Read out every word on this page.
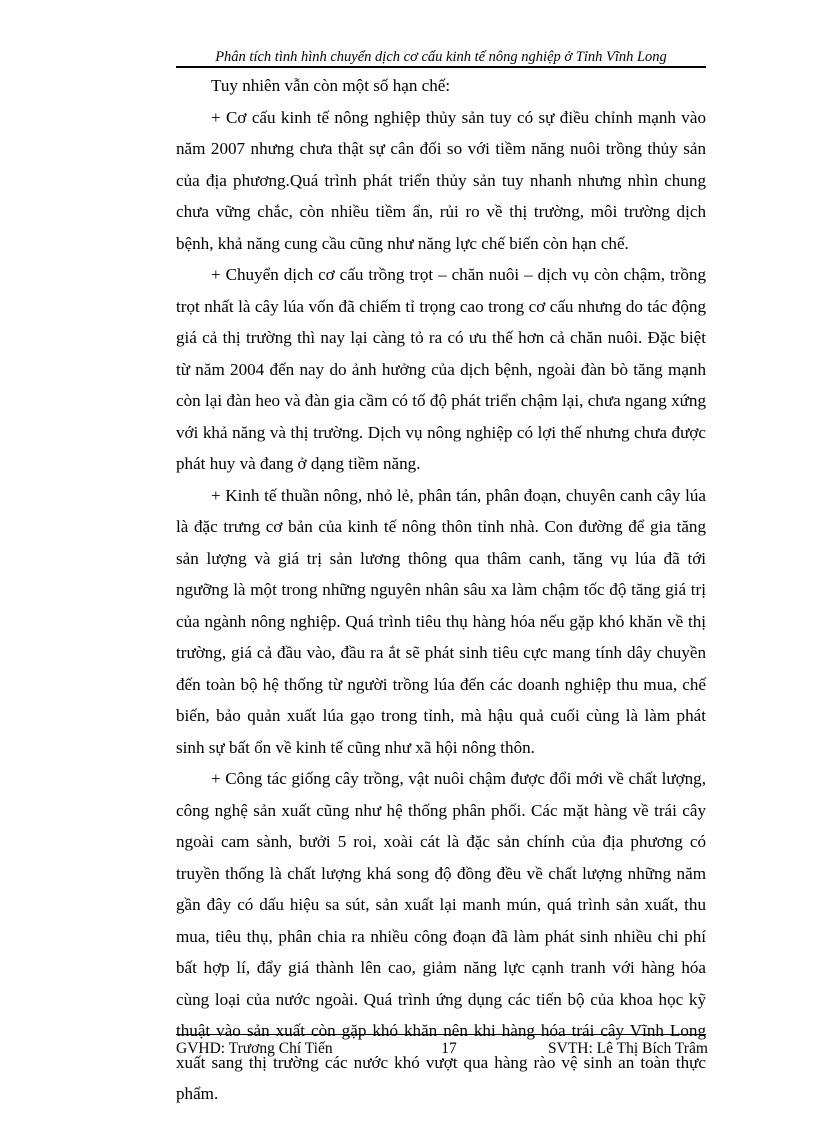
Phân tích tình hình chuyển dịch cơ cấu kinh tế nông nghiệp ở Tỉnh Vĩnh Long

Tuy nhiên vẫn còn một số hạn chế:

+ Cơ cấu kinh tế nông nghiệp thủy sản tuy có sự điều chỉnh mạnh vào năm 2007 nhưng chưa thật sự cân đối so với tiềm năng nuôi trồng thủy sản của địa phương.Quá trình phát triển thủy sản tuy nhanh nhưng nhìn chung chưa vững chắc, còn nhiều tiềm ẩn, rủi ro về thị trường, môi trường dịch bệnh, khả năng cung cầu cũng như năng lực chế biến còn hạn chế.

+ Chuyển dịch cơ cấu trồng trọt – chăn nuôi – dịch vụ còn chậm, trồng trọt nhất là cây lúa vốn đã chiếm tỉ trọng cao trong cơ cấu nhưng do tác động giá cả thị trường thì nay lại càng tỏ ra có ưu thế hơn cả chăn nuôi. Đặc biệt từ năm 2004 đến nay do ảnh hưởng của dịch bệnh, ngoài đàn bò tăng mạnh còn lại đàn heo và đàn gia cầm có tố độ phát triển chậm lại, chưa ngang xứng với khả năng và thị trường. Dịch vụ nông nghiệp có lợi thế nhưng chưa được phát huy và đang ở dạng tiềm năng.

+ Kinh tế thuần nông, nhỏ lẻ, phân tán, phân đoạn, chuyên canh cây lúa là đặc trưng cơ bản của kinh tế nông thôn tỉnh nhà. Con đường để gia tăng sản lượng và giá trị sản lương thông qua thâm canh, tăng vụ lúa đã tới ngưỡng là một trong những nguyên nhân sâu xa làm chậm tốc độ tăng giá trị của ngành nông nghiệp. Quá trình tiêu thụ hàng hóa nếu gặp khó khăn về thị trường, giá cả đầu vào, đầu ra ắt sẽ phát sinh tiêu cực mang tính dây chuyền đến toàn bộ hệ thống từ người trồng lúa đến các doanh nghiệp thu mua, chế biến, bảo quản xuất lúa gạo trong tỉnh, mà hậu quả cuối cùng là làm phát sinh sự bất ổn về kinh tế cũng như xã hội nông thôn.

+ Công tác giống cây trồng, vật nuôi chậm được đổi mới về chất lượng, công nghệ sản xuất cũng như hệ thống phân phối. Các mặt hàng về trái cây ngoài cam sành, bưởi 5 roi, xoài cát là đặc sản chính của địa phương có truyền thống là chất lượng khá song độ đồng đều về chất lượng những năm gần đây có dấu hiệu sa sút, sản xuất lại manh mún, quá trình sản xuất, thu mua, tiêu thụ, phân chia ra nhiều công đoạn đã làm phát sinh nhiều chi phí bất hợp lí, đẩy giá thành lên cao, giảm năng lực cạnh tranh với hàng hóa cùng loại của nước ngoài. Quá trình ứng dụng các tiến bộ của khoa học kỹ thuật vào sản xuất còn gặp khó khăn nên khi hàng hóa trái cây Vĩnh Long xuất sang thị trường các nước khó vượt qua hàng rào vệ sinh an toàn thực phẩm.

GVHD: Trương Chí Tiến	17	SVTH: Lê Thị Bích Trâm
